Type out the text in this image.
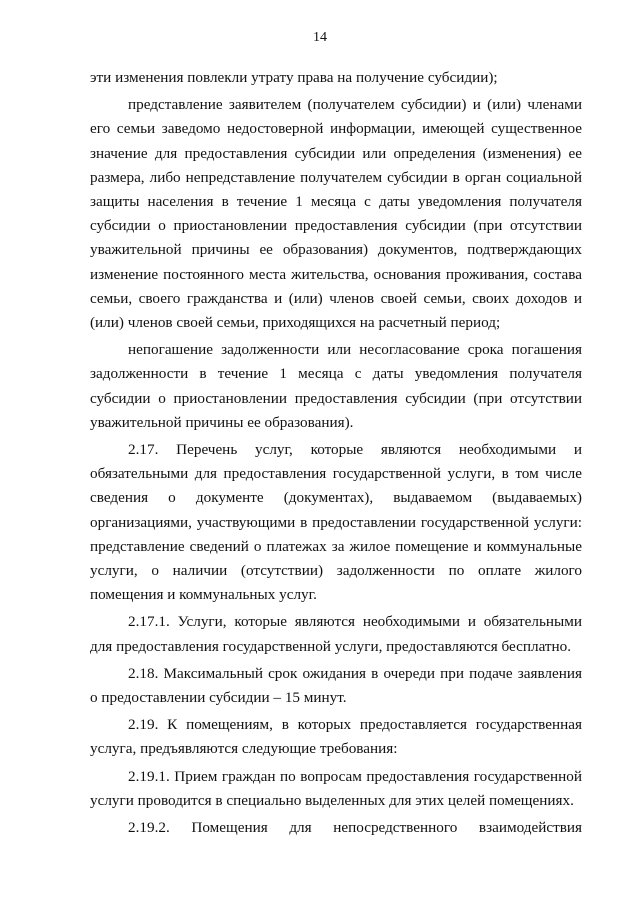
14

эти изменения повлекли утрату права на получение субсидии);

представление заявителем (получателем субсидии) и (или) членами его семьи заведомо недостоверной информации, имеющей существенное значение для предоставления субсидии или определения (изменения) ее размера, либо непредставление получателем субсидии в орган социальной защиты населения в течение 1 месяца с даты уведомления получателя субсидии о приостановлении предоставления субсидии (при отсутствии уважительной причины ее образования) документов, подтверждающих изменение постоянного места жительства, основания проживания, состава семьи, своего гражданства и (или) членов своей семьи, своих доходов и (или) членов своей семьи, приходящихся на расчетный период;

непогашение задолженности или несогласование срока погашения задолженности в течение 1 месяца с даты уведомления получателя субсидии о приостановлении предоставления субсидии (при отсутствии уважительной причины ее образования).

2.17. Перечень услуг, которые являются необходимыми и обязательными для предоставления государственной услуги, в том числе сведения о документе (документах), выдаваемом (выдаваемых) организациями, участвующими в предоставлении государственной услуги: представление сведений о платежах за жилое помещение и коммунальные услуги, о наличии (отсутствии) задолженности по оплате жилого помещения и коммунальных услуг.

2.17.1. Услуги, которые являются необходимыми и обязательными для предоставления государственной услуги, предоставляются бесплатно.

2.18. Максимальный срок ожидания в очереди при подаче заявления о предоставлении субсидии – 15 минут.

2.19. К помещениям, в которых предоставляется государственная услуга, предъявляются следующие требования:

2.19.1. Прием граждан по вопросам предоставления государственной услуги проводится в специально выделенных для этих целей помещениях.

2.19.2. Помещения для непосредственного взаимодействия
